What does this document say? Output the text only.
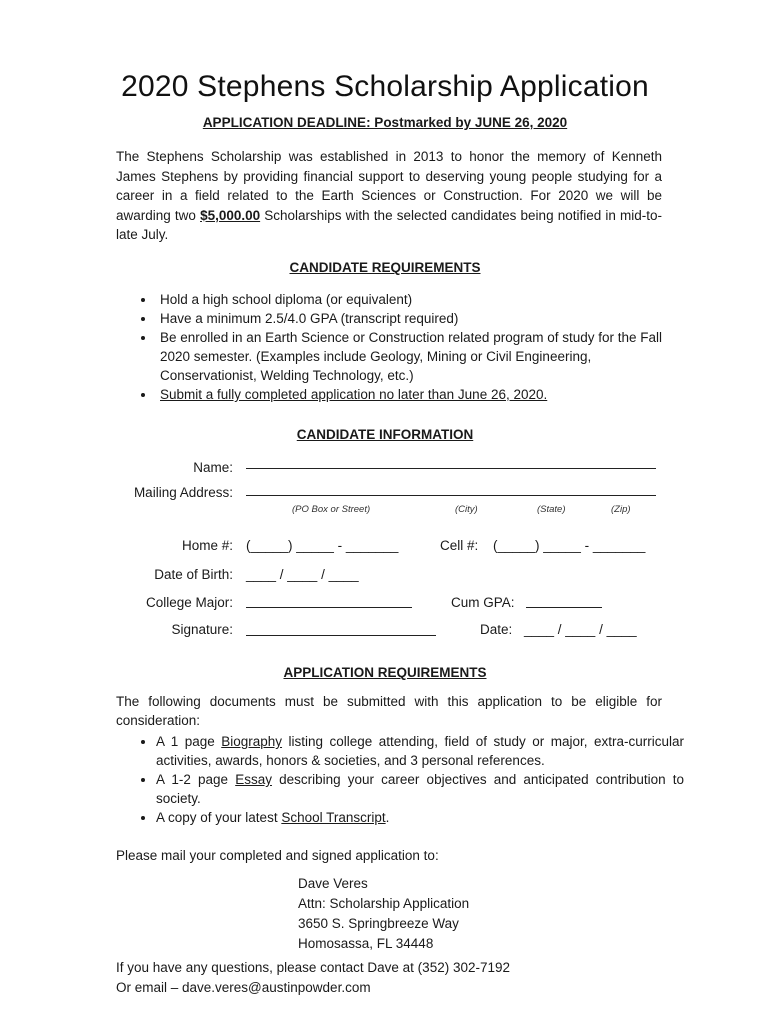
2020 Stephens Scholarship Application
APPLICATION DEADLINE: Postmarked by JUNE 26, 2020
The Stephens Scholarship was established in 2013 to honor the memory of Kenneth James Stephens by providing financial support to deserving young people studying for a career in a field related to the Earth Sciences or Construction. For 2020 we will be awarding two $5,000.00 Scholarships with the selected candidates being notified in mid-to-late July.
CANDIDATE REQUIREMENTS
• Hold a high school diploma (or equivalent)
• Have a minimum 2.5/4.0 GPA (transcript required)
• Be enrolled in an Earth Science or Construction related program of study for the Fall 2020 semester. (Examples include Geology, Mining or Civil Engineering, Conservationist, Welding Technology, etc.)
• Submit a fully completed application no later than June 26, 2020.
CANDIDATE INFORMATION
Name:
Mailing Address:
(PO Box or Street)	(City)	(State)	(Zip)
Home #: (_____) _____ - _______	Cell #: (_____) _____ - _______
Date of Birth: ____ / ____ / ____
College Major:	Cum GPA:
Signature:	Date: ____ / ____ / ____
APPLICATION REQUIREMENTS
The following documents must be submitted with this application to be eligible for consideration:
• A 1 page Biography listing college attending, field of study or major, extra-curricular activities, awards, honors & societies, and 3 personal references.
• A 1-2 page Essay describing your career objectives and anticipated contribution to society.
• A copy of your latest School Transcript.
Please mail your completed and signed application to:
Dave Veres
Attn: Scholarship Application
3650 S. Springbreeze Way
Homosassa, FL 34448
If you have any questions, please contact Dave at (352) 302-7192
Or email – dave.veres@austinpowder.com
